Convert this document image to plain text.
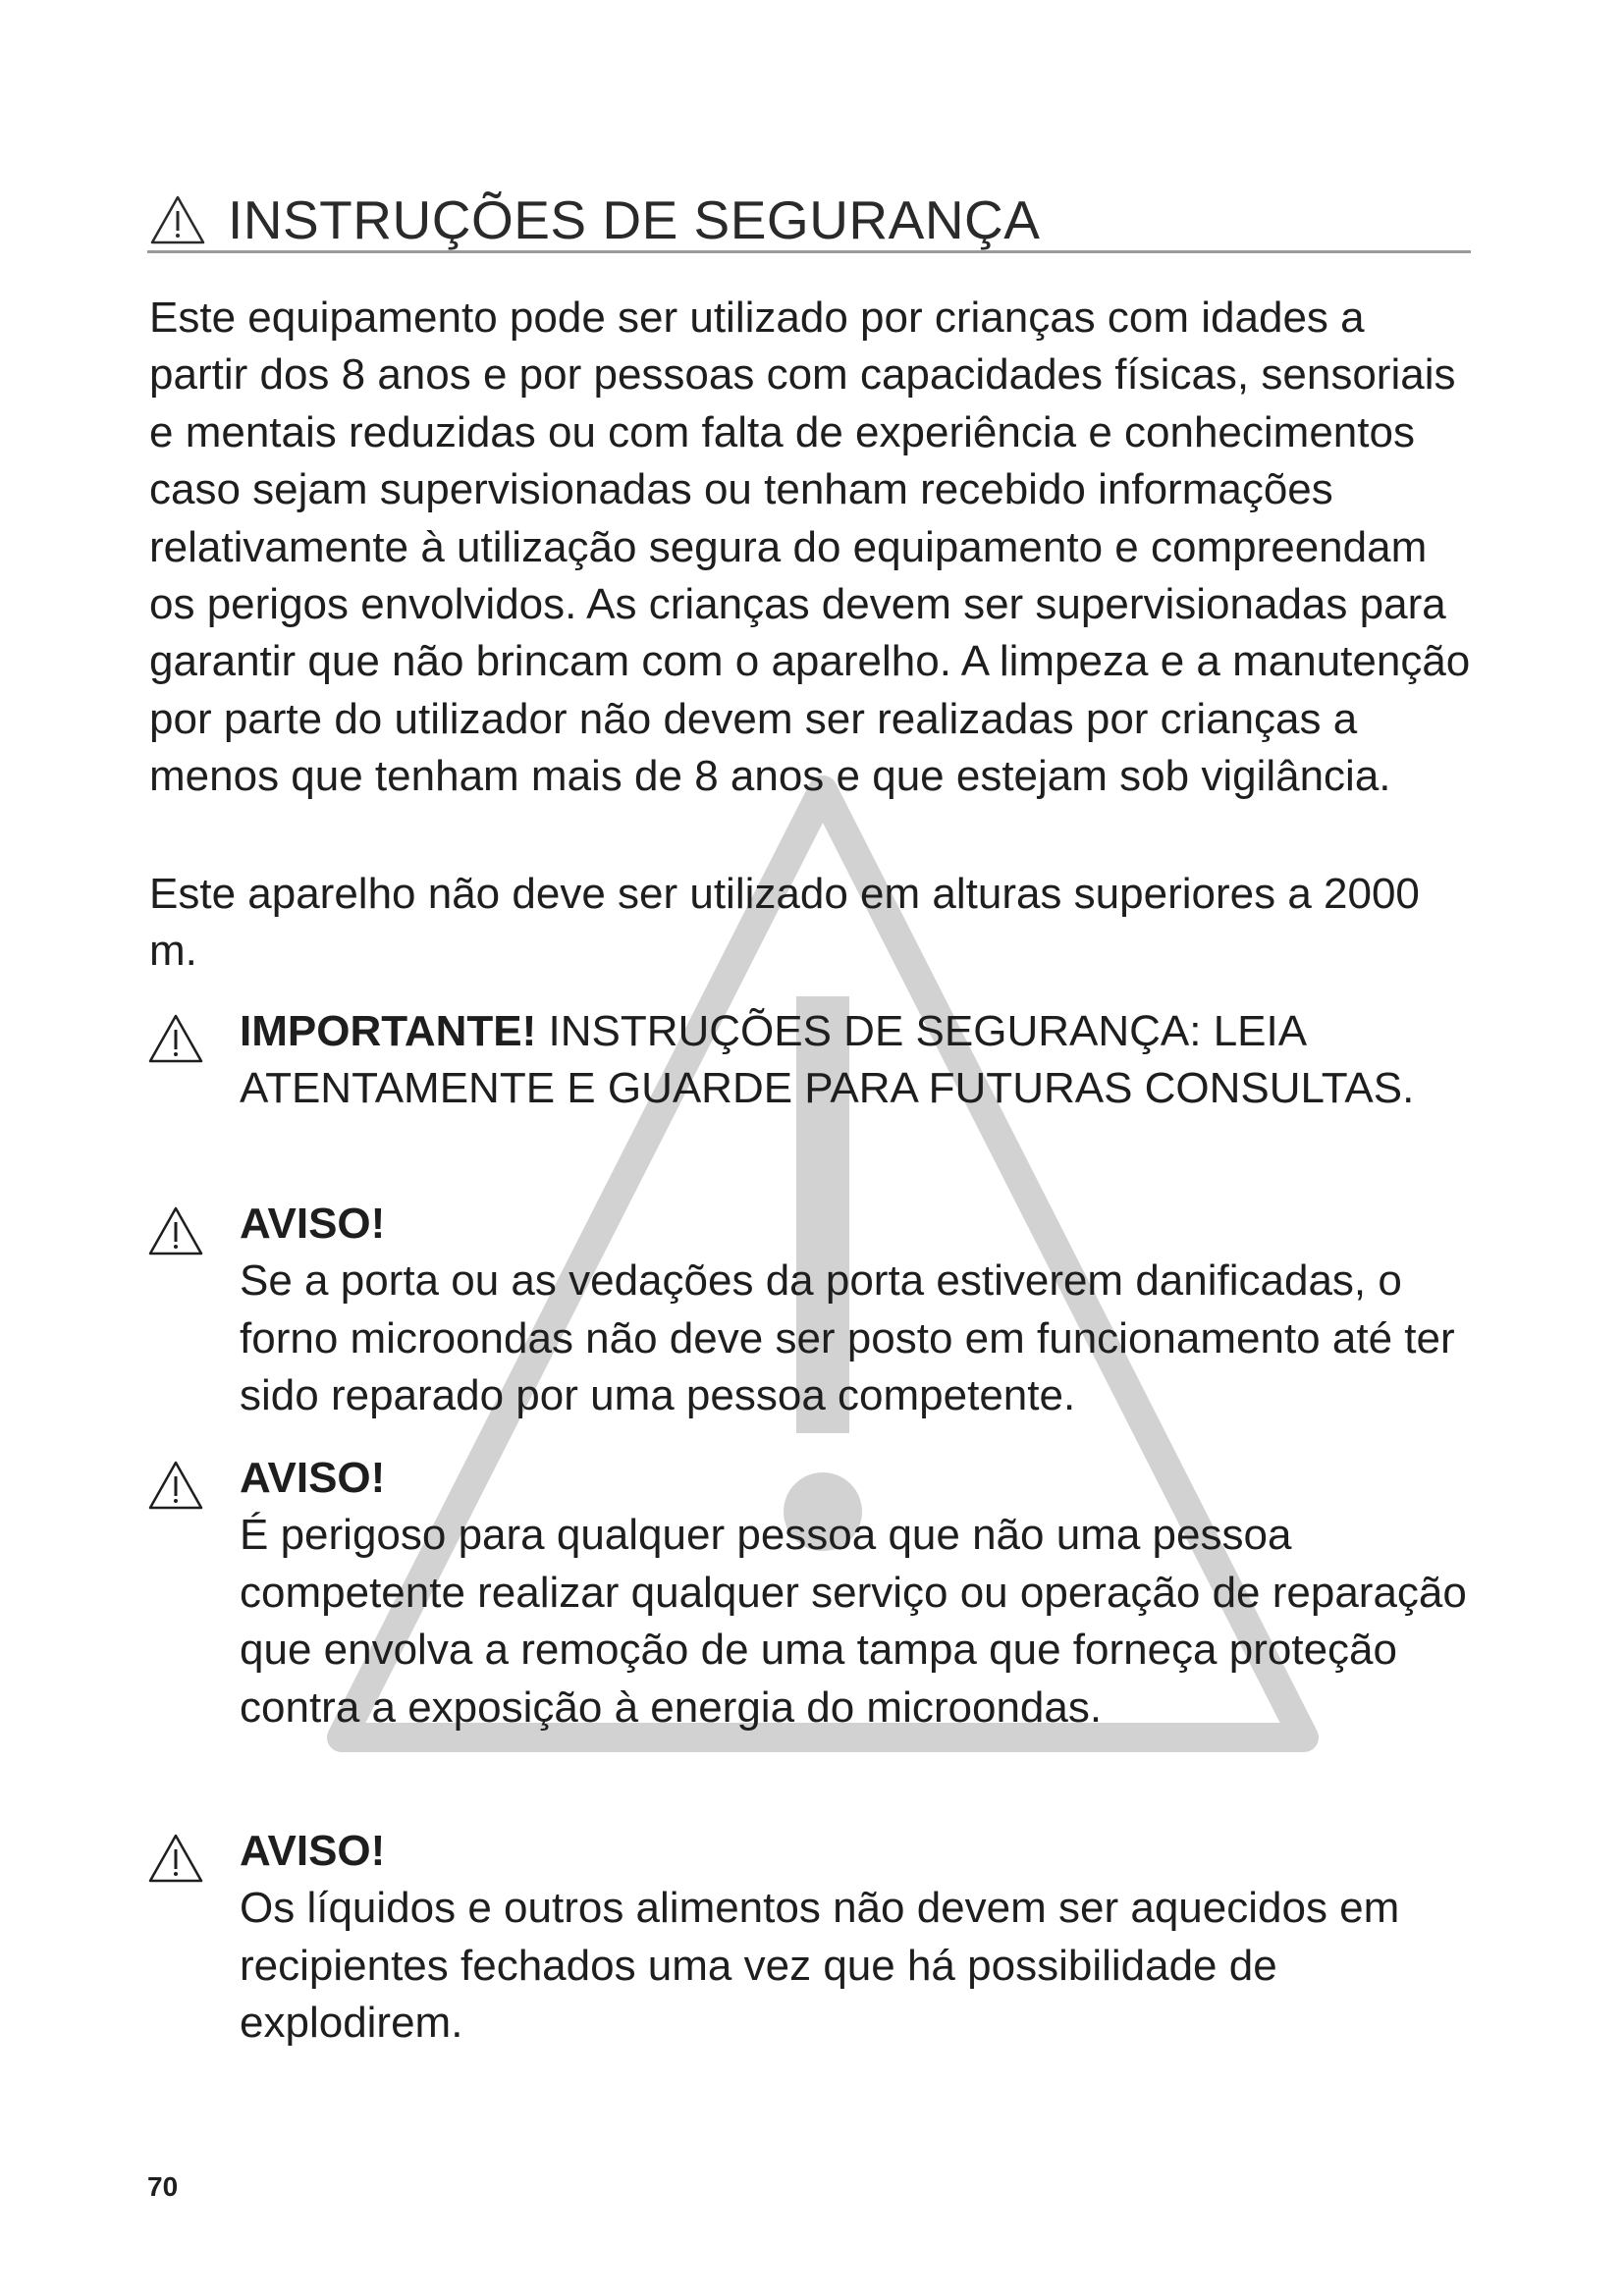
INSTRUÇÕES DE SEGURANÇA

Este equipamento pode ser utilizado por crianças com idades a partir dos 8 anos e por pessoas com capacidades físicas, sensoriais e mentais reduzidas ou com falta de experiência e conhecimentos caso sejam supervisionadas ou tenham recebido informações relativamente à utilização segura do equipamento e compreendam os perigos envolvidos. As crianças devem ser supervisionadas para garantir que não brincam com o aparelho. A limpeza e a manutenção por parte do utilizador não devem ser realizadas por crianças a menos que tenham mais de 8 anos e que estejam sob vigilância.

Este aparelho não deve ser utilizado em alturas superiores a 2000 m.

IMPORTANTE! INSTRUÇÕES DE SEGURANÇA: LEIA ATENTAMENTE E GUARDE PARA FUTURAS CONSULTAS.

AVISO!

Se a porta ou as vedações da porta estiverem danificadas, o forno microondas não deve ser posto em funcionamento até ter sido reparado por uma pessoa competente.

AVISO!

É perigoso para qualquer pessoa que não uma pessoa competente realizar qualquer serviço ou operação de reparação que envolva a remoção de uma tampa que forneça proteção contra a exposição à energia do microondas.

AVISO!

Os líquidos e outros alimentos não devem ser aquecidos em recipientes fechados uma vez que há possibilidade de explodirem.

70
